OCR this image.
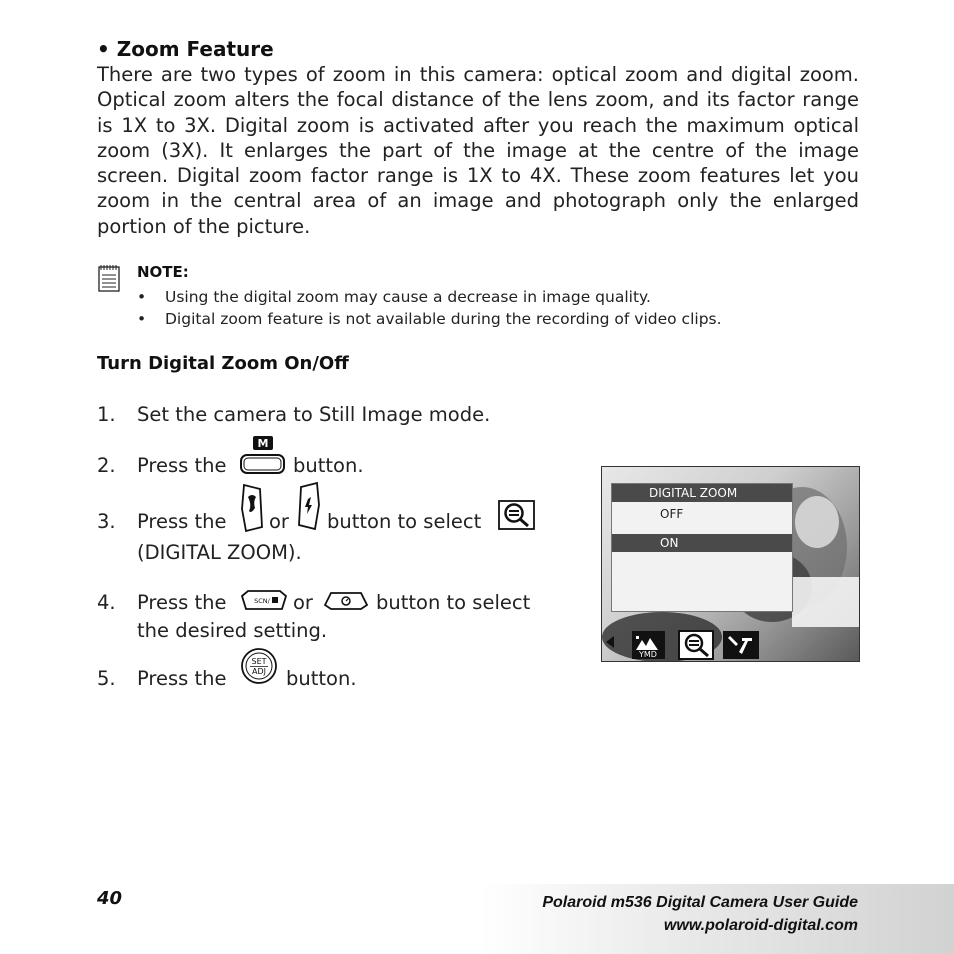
• Zoom Feature
There are two types of zoom in this camera: optical zoom and digital zoom. Optical zoom alters the focal distance of the lens zoom, and its factor range is 1X to 3X. Digital zoom is activated after you reach the maximum optical zoom (3X). It enlarges the part of the image at the centre of the image screen. Digital zoom factor range is 1X to 4X. These zoom features let you zoom in the central area of an image and photograph only the enlarged portion of the picture.
NOTE:
• Using the digital zoom may cause a decrease in image quality.
• Digital zoom feature is not available during the recording of video clips.
Turn Digital Zoom On/Off
1. Set the camera to Still Image mode.
2. Press the
M
button.
3. Press the or button to select
(DIGITAL ZOOM).
4. Press the	SCN/ or	button to select
the desired setting.
5. Press the
SET
ADJ button.
DIGITAL ZOOM
OFF
ON
YMD
40	Polaroid m536 Digital Camera User Guide
www.polaroid-digital.com
